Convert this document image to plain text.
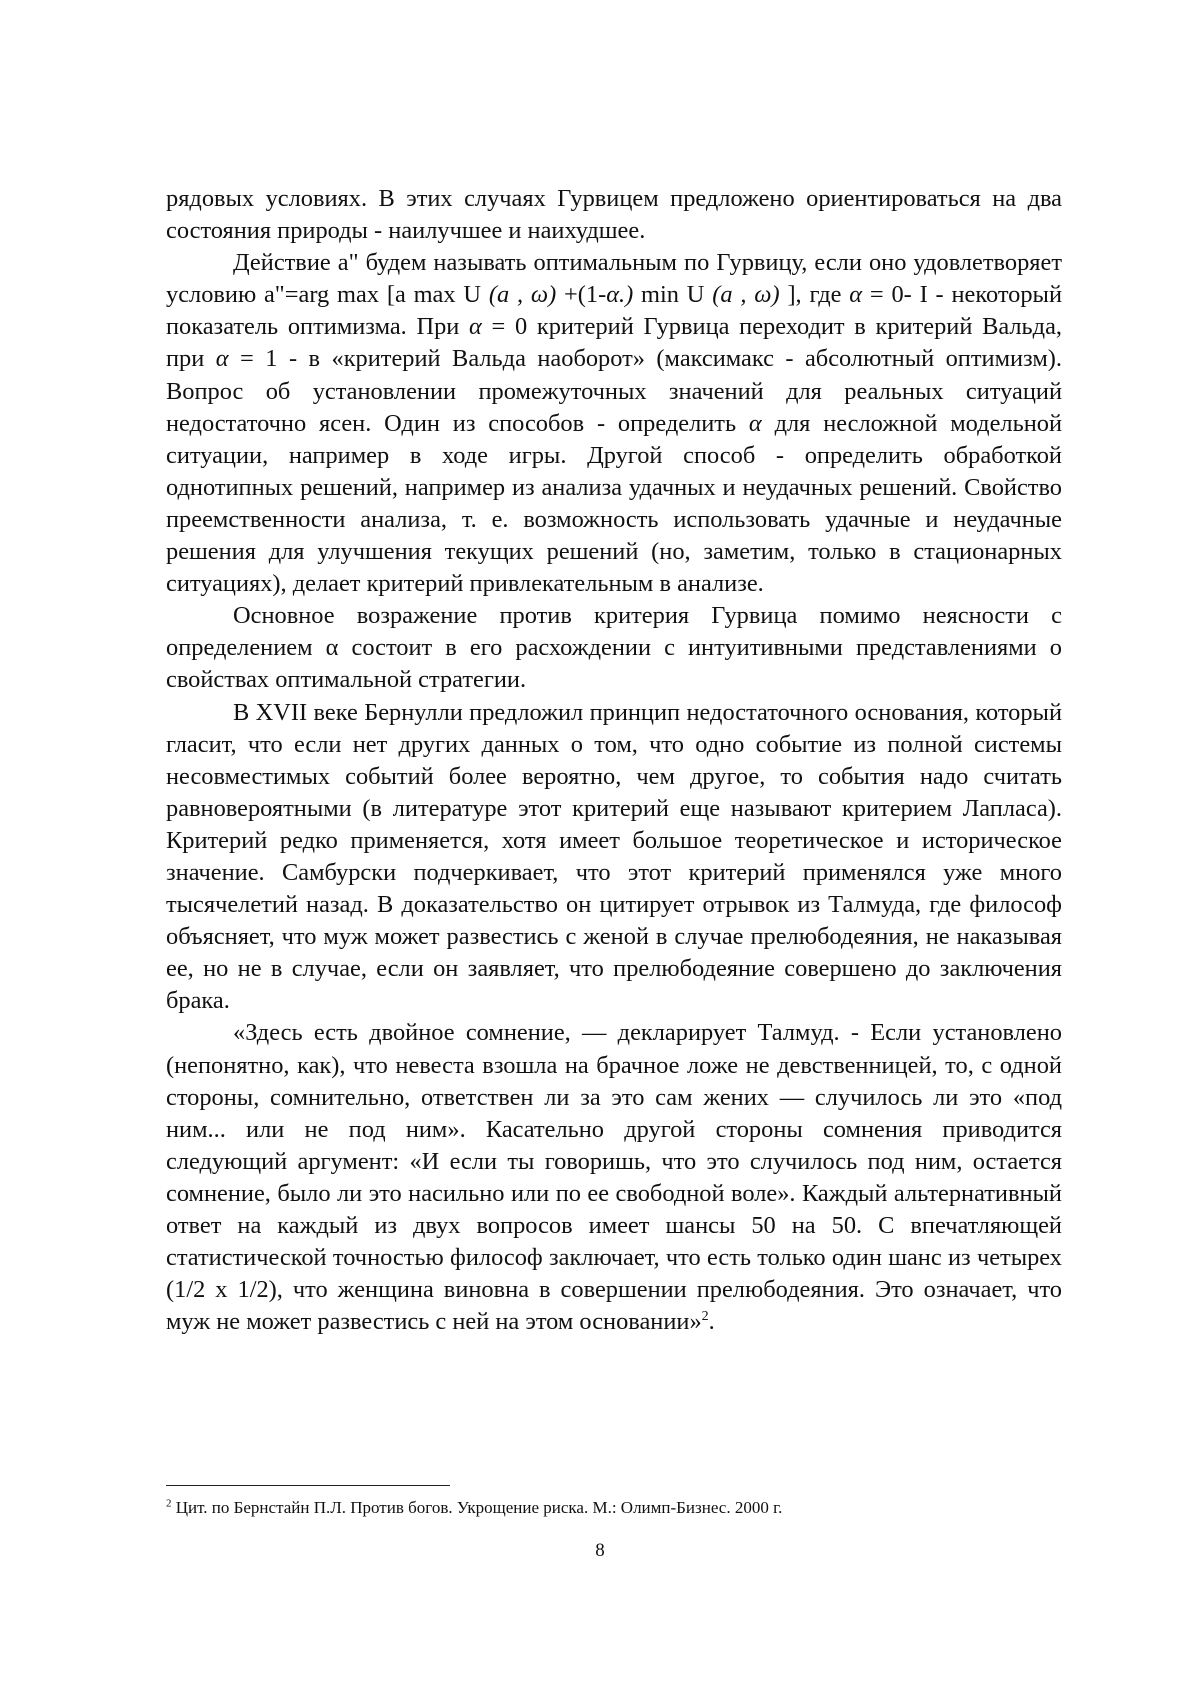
рядовых условиях. В этих случаях Гурвицем предложено ориентироваться на два состояния природы - наилучшее и наихудшее.

Действие а" будем называть оптимальным по Гурвицу, если оно удовлетворяет условию а"=arg max [а max U (а , ω) +(1-α.) min U (а , ω) ], где α = 0- I - некоторый показатель оптимизма. При α = 0 критерий Гурвица переходит в критерий Вальда, при α = 1 - в «критерий Вальда наоборот» (максимакс - абсолютный оптимизм). Вопрос об установлении промежуточных значений для реальных ситуаций недостаточно ясен. Один из способов - определить α для несложной модельной ситуации, например в ходе игры. Другой способ - определить обработкой однотипных решений, например из анализа удачных и неудачных решений. Свойство преемственности анализа, т. е. возможность использовать удачные и неудачные решения для улучшения текущих решений (но, заметим, только в стационарных ситуациях), делает критерий привлекательным в анализе.

Основное возражение против критерия Гурвица помимо неясности с определением α состоит в его расхождении с интуитивными представлениями о свойствах оптимальной стратегии.

В XVII веке Бернулли предложил принцип недостаточного основания, который гласит, что если нет других данных о том, что одно событие из полной системы несовместимых событий более вероятно, чем другое, то события надо считать равновероятными (в литературе этот критерий еще называют критерием Лапласа). Критерий редко применяется, хотя имеет большое теоретическое и историческое значение. Самбурски подчеркивает, что этот критерий применялся уже много тысячелетий назад. В доказательство он цитирует отрывок из Талмуда, где философ объясняет, что муж может развестись с женой в случае прелюбодеяния, не наказывая ее, но не в случае, если он заявляет, что прелюбодеяние совершено до заключения брака.

«Здесь есть двойное сомнение, — декларирует Талмуд. - Если установлено (непонятно, как), что невеста взошла на брачное ложе не девственницей, то, с одной стороны, сомнительно, ответствен ли за это сам жених — случилось ли это «под ним... или не под ним». Касательно другой стороны сомнения приводится следующий аргумент: «И если ты говоришь, что это случилось под ним, остается сомнение, было ли это насильно или по ее свободной воле». Каждый альтернативный ответ на каждый из двух вопросов имеет шансы 50 на 50. С впечатляющей статистической точностью философ заключает, что есть только один шанс из четырех (1/2 х 1/2), что женщина виновна в совершении прелюбодеяния. Это означает, что муж не может развестись с ней на этом основании»$^2$.

$^2$ Цит. по Бернстайн П.Л. Против богов. Укрощение риска. М.: Олимп-Бизнес. 2000 г.
8
